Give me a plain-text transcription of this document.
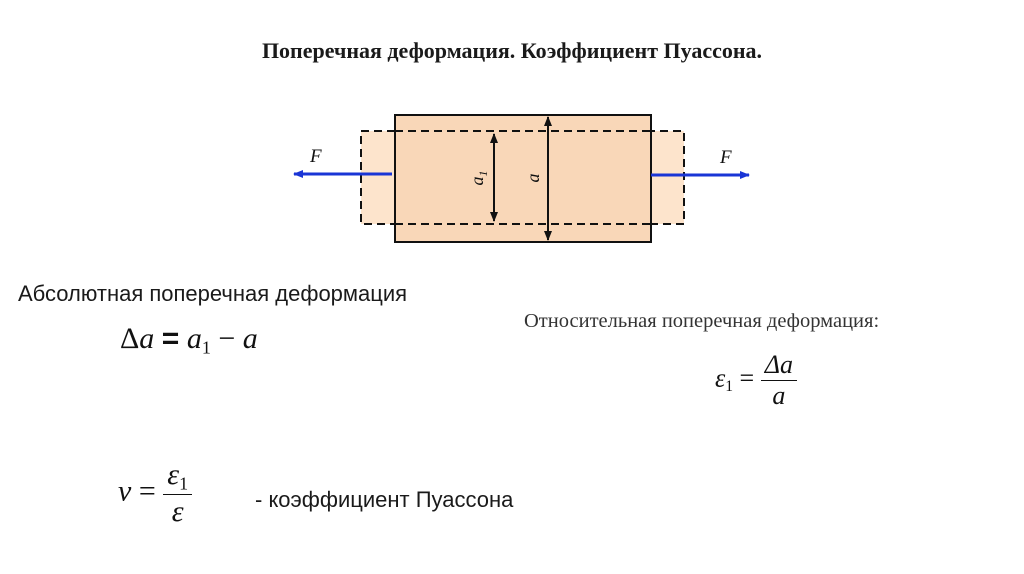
Поперечная деформация. Коэффициент Пуассона.
$a_1$ a
F	F
Абсолютная поперечная деформация
$\Delta a = a_1 - a$
Относительная поперечная деформация:
$\varepsilon_1 = \frac{\Delta a}{a}$
$\nu = \frac{\varepsilon_1}{\varepsilon}$	- коэффициент Пуассона
